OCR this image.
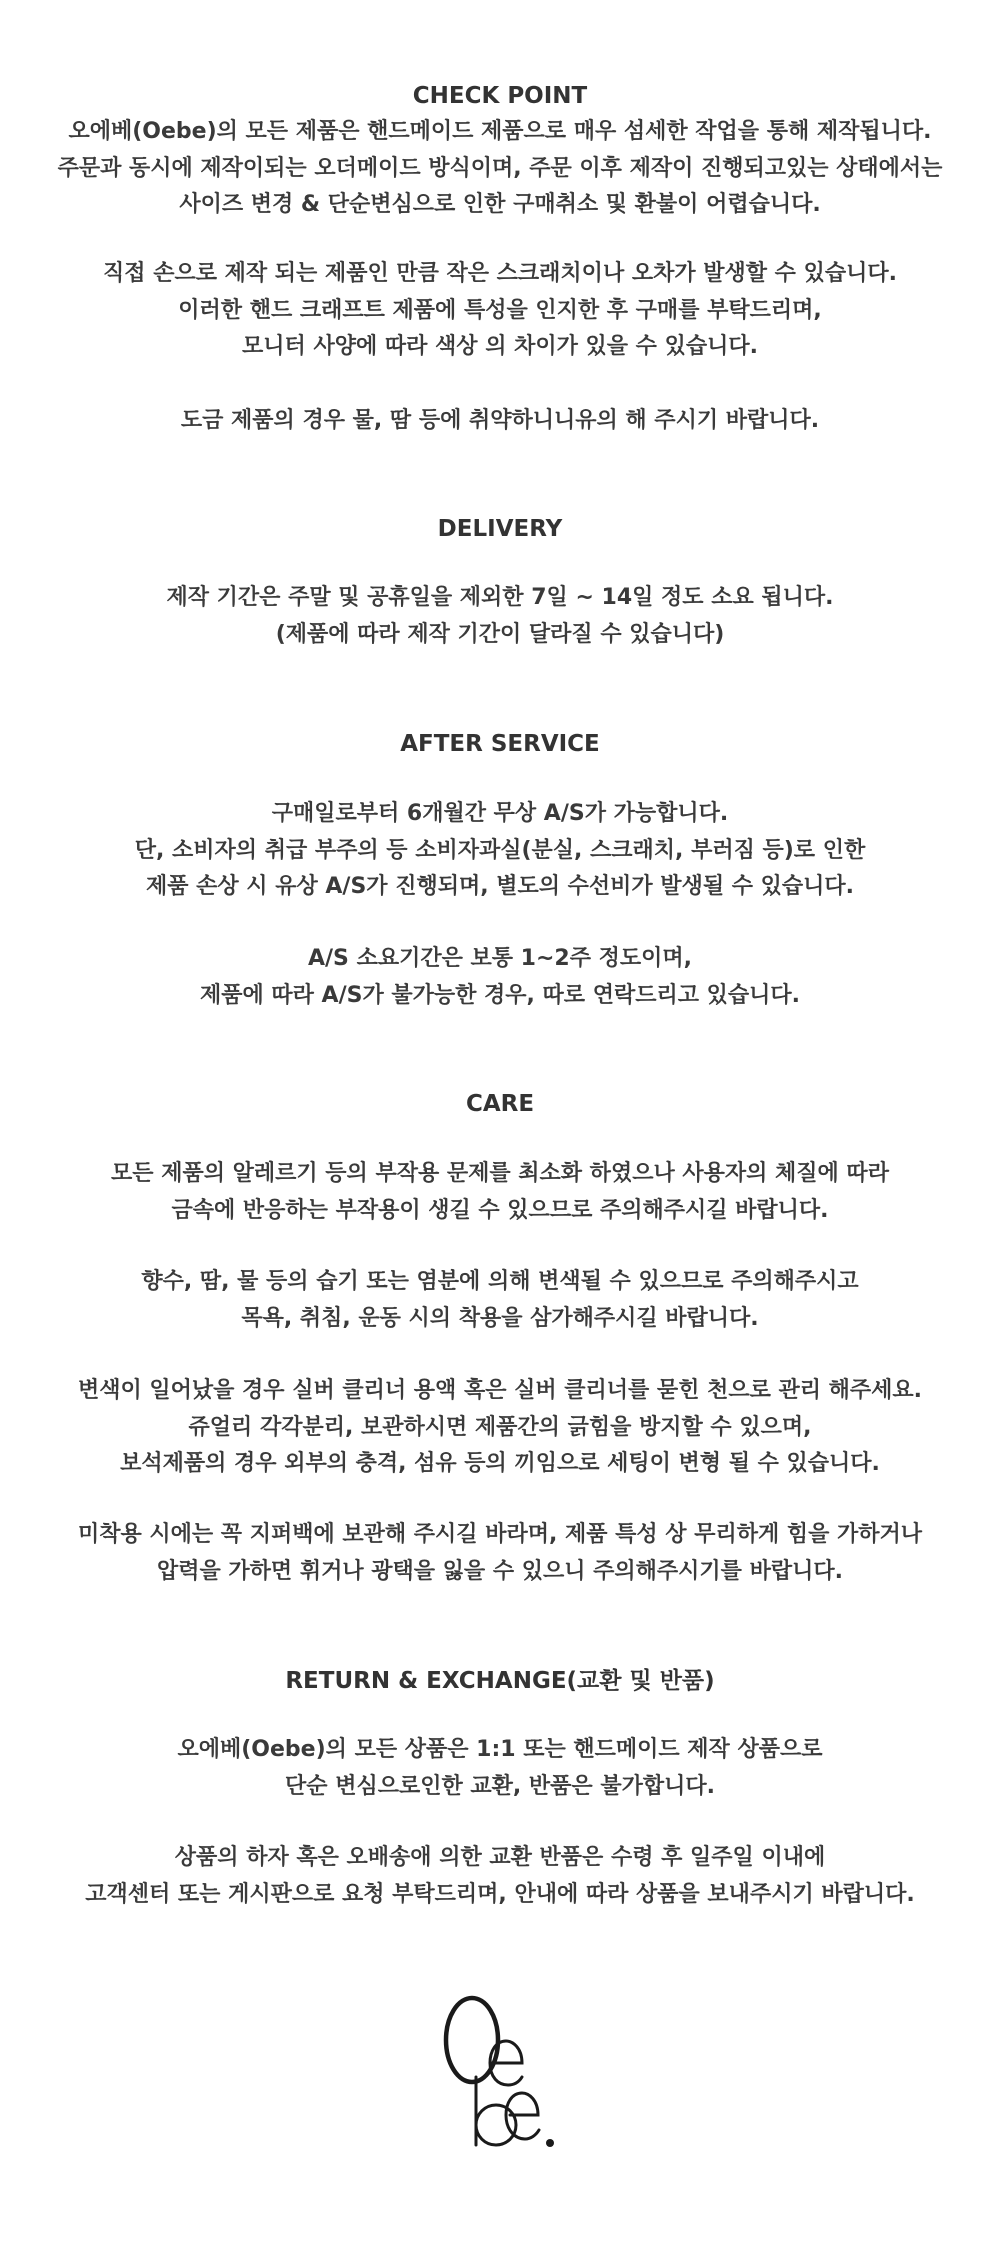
CHECK POINT
오에베(Oebe)의 모든 제품은 핸드메이드 제품으로 매우 섬세한 작업을 통해 제작됩니다.
주문과 동시에 제작이되는 오더메이드 방식이며, 주문 이후 제작이 진행되고있는 상태에서는
사이즈 변경 & 단순변심으로 인한 구매취소 및 환불이 어렵습니다.
직접 손으로 제작 되는 제품인 만큼 작은 스크래치이나 오차가 발생할 수 있습니다.
이러한 핸드 크래프트 제품에 특성을 인지한 후 구매를 부탁드리며,
모니터 사양에 따라 색상 의 차이가 있을 수 있습니다.
도금 제품의 경우 물, 땀 등에 취약하니니유의 해 주시기 바랍니다.
DELIVERY
제작 기간은 주말 및 공휴일을 제외한 7일 ~ 14일 정도 소요 됩니다.
(제품에 따라 제작 기간이 달라질 수 있습니다)
AFTER SERVICE
구매일로부터 6개월간 무상 A/S가 가능합니다.
단, 소비자의 취급 부주의 등 소비자과실(분실, 스크래치, 부러짐 등)로 인한
제품 손상 시 유상 A/S가 진행되며, 별도의 수선비가 발생될 수 있습니다.
A/S 소요기간은 보통 1~2주 정도이며,
제품에 따라 A/S가 불가능한 경우, 따로 연락드리고 있습니다.
CARE
모든 제품의 알레르기 등의 부작용 문제를 최소화 하였으나 사용자의 체질에 따라
금속에 반응하는 부작용이 생길 수 있으므로 주의해주시길 바랍니다.
향수, 땀, 물 등의 습기 또는 염분에 의해 변색될 수 있으므로 주의해주시고
목욕, 취침, 운동 시의 착용을 삼가해주시길 바랍니다.
변색이 일어났을 경우 실버 클리너 용액 혹은 실버 클리너를 묻힌 천으로 관리 해주세요.
쥬얼리 각각분리, 보관하시면 제품간의 긁힘을 방지할 수 있으며,
보석제품의 경우 외부의 충격, 섬유 등의 끼임으로 세팅이 변형 될 수 있습니다.
미착용 시에는 꼭 지퍼백에 보관해 주시길 바라며, 제품 특성 상 무리하게 힘을 가하거나
압력을 가하면 휘거나 광택을 잃을 수 있으니 주의해주시기를 바랍니다.
RETURN & EXCHANGE(교환 및 반품)
오에베(Oebe)의 모든 상품은 1:1 또는 핸드메이드 제작 상품으로
단순 변심으로인한 교환, 반품은 불가합니다.
상품의 하자 혹은 오배송애 의한 교환 반품은 수령 후 일주일 이내에
고객센터 또는 게시판으로 요청 부탁드리며, 안내에 따라 상품을 보내주시기 바랍니다.
